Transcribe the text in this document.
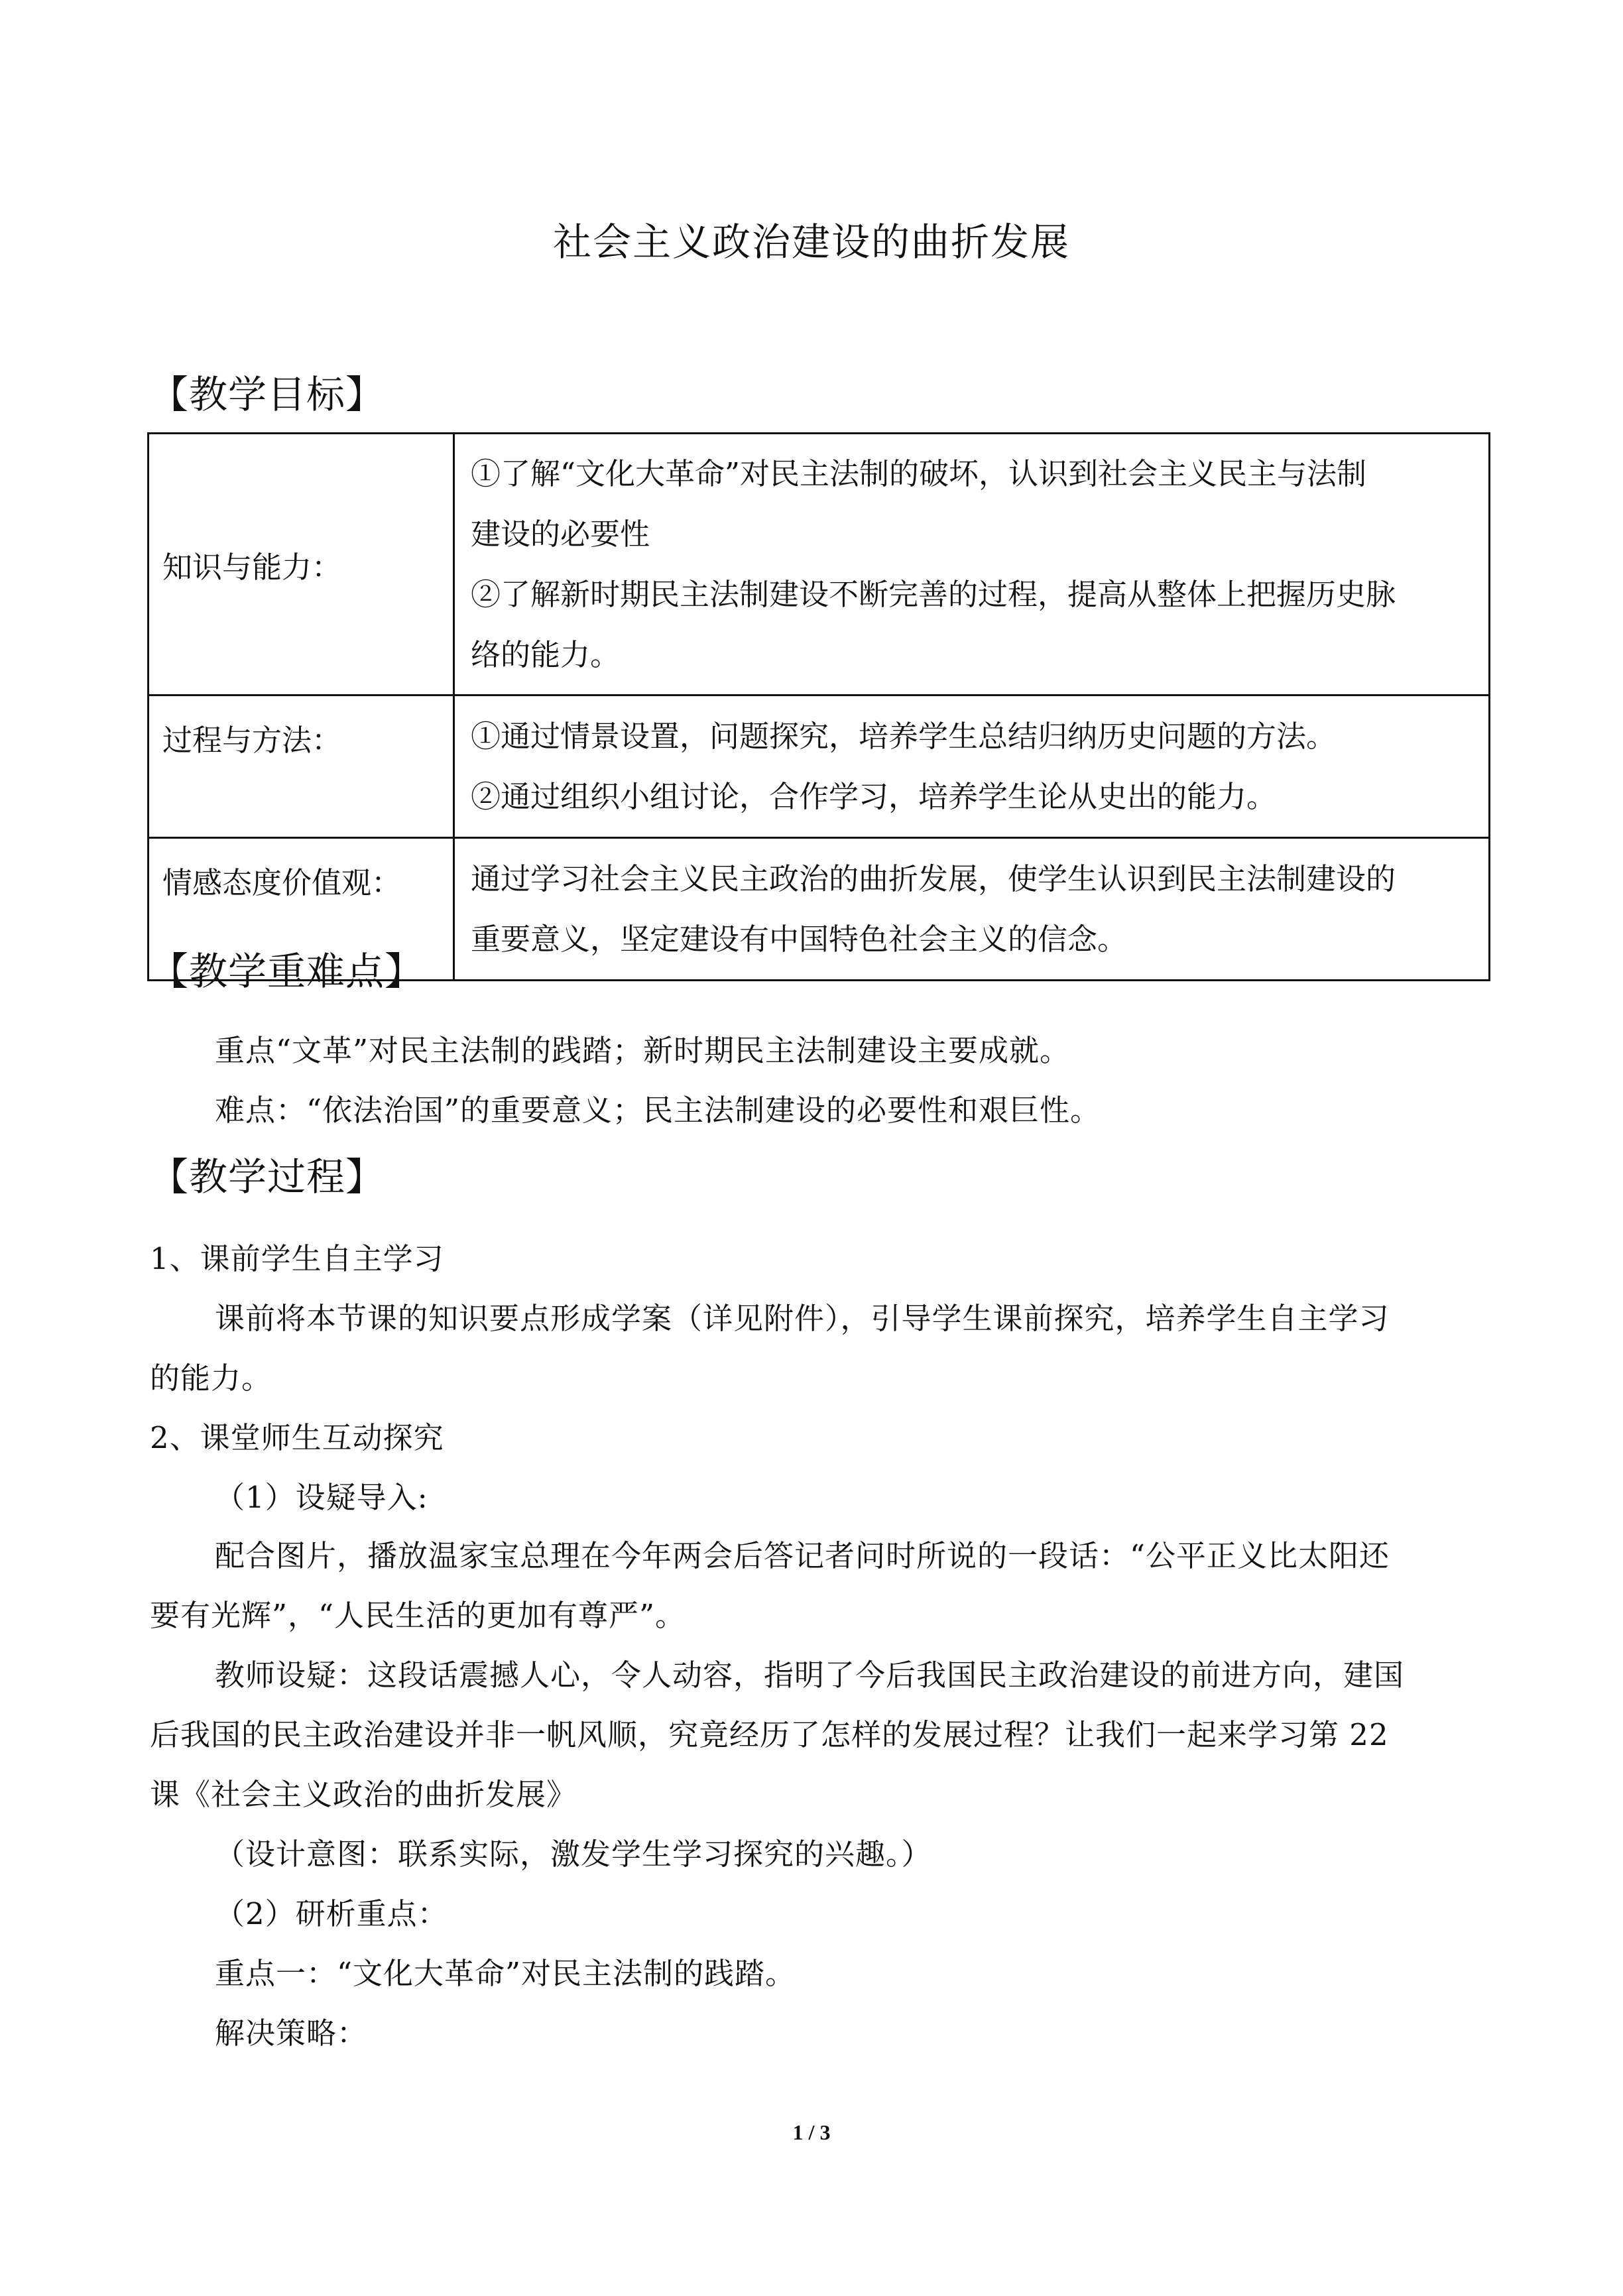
社会主义政治建设的曲折发展
【教学目标】
知识与能力：	①了解“文化大革命”对民主法制的破坏，认识到社会主义民主与法制
建设的必要性
②了解新时期民主法制建设不断完善的过程，提高从整体上把握历史脉
络的能力。

过程与方法：	①通过情景设置，问题探究，培养学生总结归纳历史问题的方法。
②通过组织小组讨论，合作学习，培养学生论从史出的能力。

情感态度价值观：	通过学习社会主义民主政治的曲折发展，使学生认识到民主法制建设的
重要意义，坚定建设有中国特色社会主义的信念。
【教学重难点】
重点“文革”对民主法制的践踏；新时期民主法制建设主要成就。
难点：“依法治国”的重要意义；民主法制建设的必要性和艰巨性。
【教学过程】
1、课前学生自主学习
课前将本节课的知识要点形成学案（详见附件），引导学生课前探究，培养学生自主学习
的能力。
2、课堂师生互动探究
（1）设疑导入:
配合图片，播放温家宝总理在今年两会后答记者问时所说的一段话：“公平正义比太阳还
要有光辉”，“人民生活的更加有尊严”。
教师设疑：这段话震撼人心，令人动容，指明了今后我国民主政治建设的前进方向，建国
后我国的民主政治建设并非一帆风顺，究竟经历了怎样的发展过程？让我们一起来学习第 22
课《社会主义政治的曲折发展》
（设计意图：联系实际，激发学生学习探究的兴趣。）
（2）研析重点：
重点一：“文化大革命”对民主法制的践踏。
解决策略：
1 / 3
